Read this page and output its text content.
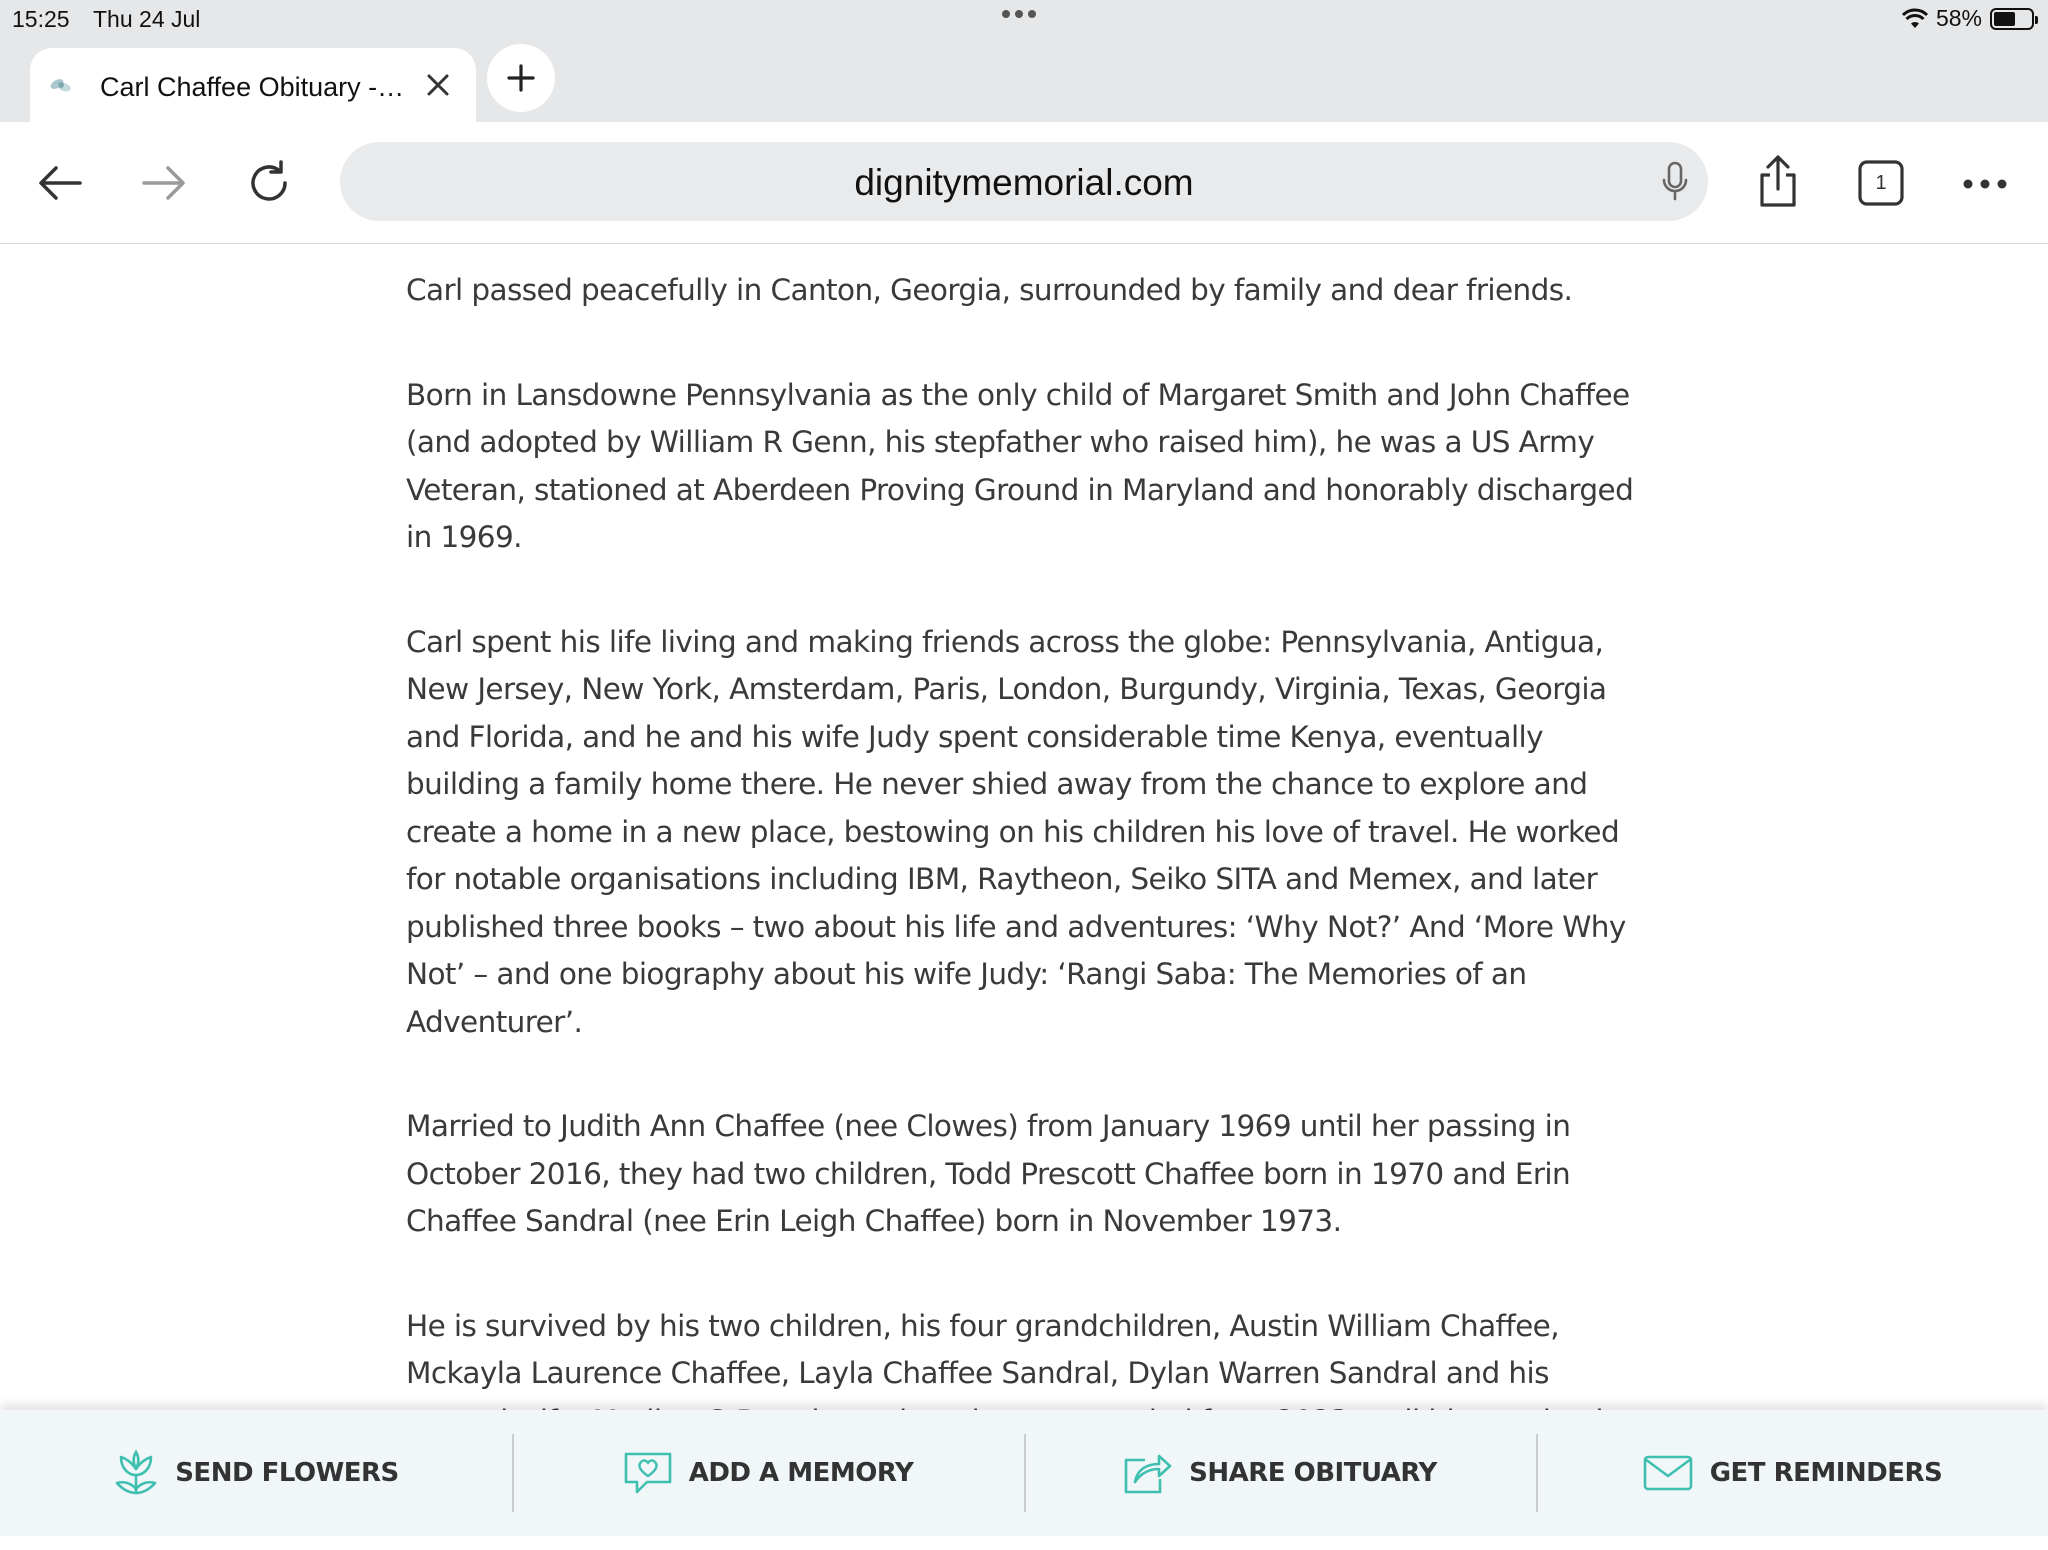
15:25 Thu 24 Jul	58%
Carl Chaffee Obituary -…
dignitymemorial.com	1

Carl passed peacefully in Canton, Georgia, surrounded by family and dear friends.

Born in Lansdowne Pennsylvania as the only child of Margaret Smith and John Chaffee (and adopted by William R Genn, his stepfather who raised him), he was a US Army Veteran, stationed at Aberdeen Proving Ground in Maryland and honorably discharged in 1969.

Carl spent his life living and making friends across the globe: Pennsylvania, Antigua, New Jersey, New York, Amsterdam, Paris, London, Burgundy, Virginia, Texas, Georgia and Florida, and he and his wife Judy spent considerable time Kenya, eventually building a family home there. He never shied away from the chance to explore and create a home in a new place, bestowing on his children his love of travel. He worked for notable organisations including IBM, Raytheon, Seiko SITA and Memex, and later published three books – two about his life and adventures: ‘Why Not?’ And ‘More Why Not’ – and one biography about his wife Judy: ‘Rangi Saba: The Memories of an Adventurer’.

Married to Judith Ann Chaffee (nee Clowes) from January 1969 until her passing in October 2016, they had two children, Todd Prescott Chaffee born in 1970 and Erin Chaffee Sandral (nee Erin Leigh Chaffee) born in November 1973.

He is survived by his two children, his four grandchildren, Austin William Chaffee, Mckayla Laurence Chaffee, Layla Chaffee Sandral, Dylan Warren Sandral and his

SEND FLOWERS	ADD A MEMORY	SHARE OBITUARY	GET REMINDERS
